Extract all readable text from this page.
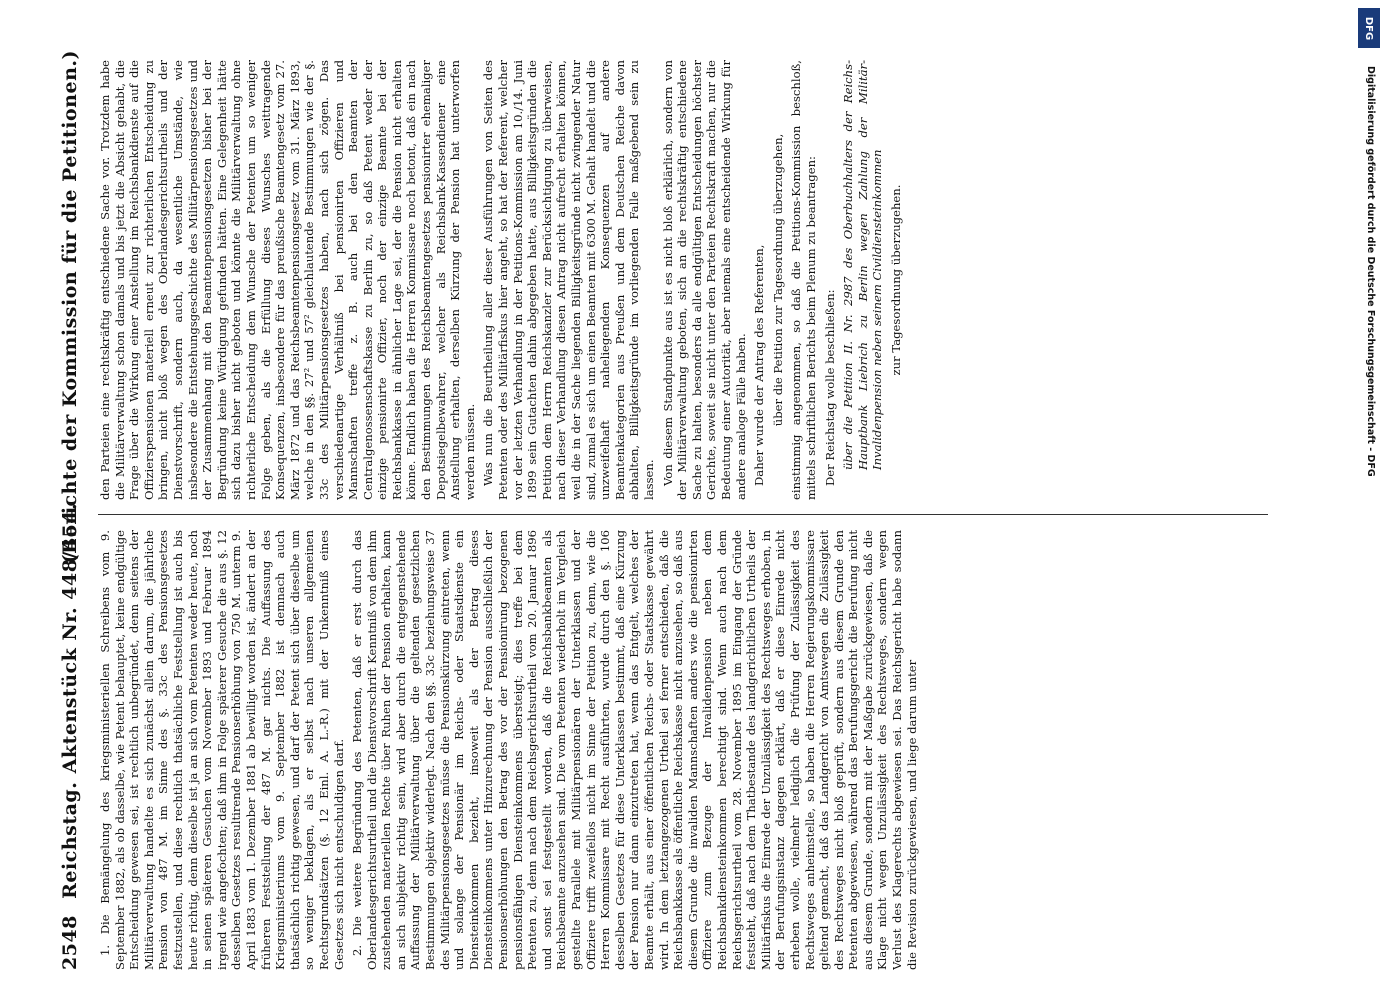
2548
Reichstag.
Aktenstück Nr. 448/454.
(Berichte der Kommission für die Petitionen.)

1. Die Bemängelung des kriegsministeriellen Schreibens vom 9. September 1882, als ob dasselbe, wie Petent behauptet, keine endgültige Entscheidung gewesen sei, ist rechtlich unbegründet, denn seitens der Militärverwaltung handelte es sich zunächst allein darum, die jährliche Pension von 487 M. im Sinne des §. 33c des Pensionsgesetzes festzustellen, und diese rechtlich thatsächliche Feststellung ist auch bis heute richtig, denn dieselbe ist ja an sich vom Petenten weder heute, noch in seinen späteren Gesuchen vom November 1893 und Februar 1894 irgend wie angefochten; daß ihm in Folge späterer Gesuche die aus §. 12 desselben Gesetzes resultirende Pensionserhöhung von 750 M. unterm 9. April 1883 vom 1. Dezember 1881 ab bewilligt worden ist, ändert an der früheren Feststellung der 487 M. gar nichts. Die Auffassung des Kriegsministeriums vom 9. September 1882 ist demnach auch thatsächlich richtig gewesen, und darf der Petent sich über dieselbe um so weniger beklagen, als er selbst nach unseren allgemeinen Rechtsgrundsätzen (§. 12 Einl. A. L.-R.) mit der Unkenntniß eines Gesetzes sich nicht entschuldigen darf. 2. Die weitere Begründung des Petenten, daß er erst durch das Oberlandesgerichtsurtheil und die Dienstvorschrift Kenntniß von dem ihm zustehenden materiellen Rechte über Ruhen der Pension erhalten, kann an sich subjektiv richtig sein, wird aber durch die entgegenstehende Auffassung der Militärverwaltung über die geltenden gesetzlichen Bestimmungen objektiv widerlegt. Nach den §§. 33c beziehungsweise 37 des Militärpensionsgesetzes müsse die Pensionskürzung eintreten, wenn und solange der Pensionär im Reichs- oder Staatsdienste ein Diensteinkommen bezieht, insoweit als der Betrag dieses Diensteinkommens unter Hinzurechnung der Pension ausschließlich der Pensionserhöhungen den Betrag des vor der Pensionirung bezogenen pensionsfähigen Diensteinkommens übersteigt; dies treffe bei dem Petenten zu, denn nach dem Reichsgerichtsurtheil vom 20. Januar 1896 und sonst sei festgestellt worden, daß die Reichsbankbeamten als Reichsbeamte anzusehen sind. Die vom Petenten wiederholt im Vergleich gestellte Parallele mit Militärpensionären der Unterklassen und der Offiziere trifft zweifellos nicht im Sinne der Petition zu, denn, wie die Herren Kommissare mit Recht ausführten, wurde durch den §. 106 desselben Gesetzes für diese Unterklassen bestimmt, daß eine Kürzung der Pension nur dann einzutreten hat, wenn das Entgelt, welches der Beamte erhält, aus einer öffentlichen Reichs- oder Staatskasse gewährt wird. In dem letztangezogenen Urtheil sei ferner entschieden, daß die Reichsbankkasse als öffentliche Reichskasse nicht anzusehen, so daß aus diesem Grunde die invaliden Mannschaften anders wie die pensionirten Offiziere zum Bezuge der Invalidenpension neben dem Reichsbankdiensteinkommen berechtigt sind. Wenn auch nach dem Reichsgerichtsurtheil vom 28. November 1895 im Eingang der Gründe feststeht, daß nach dem Thatbestande des landgerichtlichen Urtheils der Militärfiskus die Einrede der Unzulässigkeit des Rechtsweges erhoben, in der Berufungsinstanz dagegen erklärt, daß er diese Einrede nicht erheben wolle, vielmehr lediglich die Prüfung der Zulässigkeit des Rechtsweges anheimstelle, so haben die Herren Regierungskommissare geltend gemacht, daß das Landgericht von Amtswegen die Zulässigkeit des Rechtsweges nicht bloß geprüft, sondern aus diesem Grunde den Petenten abgewiesen, während das Berufungsgericht die Berufung nicht aus diesem Grunde, sondern mit der Maßgabe zurückgewiesen, daß die Klage nicht wegen Unzulässigkeit des Rechtsweges, sondern wegen Verlust des Klagerechts abgewiesen sei. Das Reichsgericht habe sodann die Revision zurückgewiesen, und liege darum unter

den Parteien eine rechtskräftig entschiedene Sache vor. Trotzdem habe die Militärverwaltung schon damals und bis jetzt die Absicht gehabt, die Frage über die Wirkung einer Anstellung im Reichsbankdienste auf die Offizierspensionen materiell erneut zur richterlichen Entscheidung zu bringen, nicht bloß wegen des Oberlandesgerichtsurtheils und der Dienstvorschrift, sondern auch, da wesentliche Umstände, wie insbesondere die Entstehungsgeschichte des Militärpensionsgesetzes und der Zusammenhang mit den Beamtenpensionsgesetzen bisher bei der Begründung keine Würdigung gefunden hätten. Eine Gelegenheit hätte sich dazu bisher nicht geboten und könnte die Militärverwaltung ohne richterliche Entscheidung dem Wunsche der Petenten um so weniger Folge geben, als die Erfüllung dieses Wunsches weittragende Konsequenzen, insbesondere für das preußische Beamtengesetz vom 27. März 1872 und das Reichsbeamtenpensionsgesetz vom 31. März 1893, welche in den §§. 27² und 57² gleichlautende Bestimmungen wie der §. 33c des Militärpensionsgesetzes haben, nach sich zögen. Das verschiedenartige Verhältniß bei pensionirten Offizieren und Mannschaften treffe z. B. auch bei den Beamten der Centralgenossenschaftskasse zu Berlin zu, so daß Petent weder der einzige pensionirte Offizier, noch der einzige Beamte bei der Reichsbankkasse in ähnlicher Lage sei, der die Pension nicht erhalten könne. Endlich haben die Herren Kommissare noch betont, daß ein nach den Bestimmungen des Reichsbeamtengesetzes pensionirter ehemaliger Depotsiegelbewahrer, welcher als Reichsbank-Kassendiener eine Anstellung erhalten, derselben Kürzung der Pension hat unterworfen werden müssen. Was nun die Beurtheilung aller dieser Ausführungen von Seiten des Petenten oder des Militärfiskus hier angeht, so hat der Referent, welcher vor der letzten Verhandlung in der Petitions-Kommission am 10./14. Juni 1899 sein Gutachten dahin abgegeben hatte, aus Billigkeitsgründen die Petition dem Herrn Reichskanzler zur Berücksichtigung zu überweisen, nach dieser Verhandlung diesen Antrag nicht aufrecht erhalten können, weil die in der Sache liegenden Billigkeitsgründe nicht zwingender Natur sind, zumal es sich um einen Beamten mit 6300 M. Gehalt handelt und die unzweifelhaft naheliegenden Konsequenzen auf andere Beamtenkategorien aus Preußen und dem Deutschen Reiche davon abhalten, Billigkeitsgründe im vorliegenden Falle maßgebend sein zu lassen. Von diesem Standpunkte aus ist es nicht bloß erklärlich, sondern von der Militärverwaltung geboten, sich an die rechtskräftig entschiedene Sache zu halten, besonders da alle endgültigen Entscheidungen höchster Gerichte, soweit sie nicht unter den Parteien Rechtskraft machen, nur die Bedeutung einer Autorität, aber niemals eine entscheidende Wirkung für andere analoge Fälle haben. Daher wurde der Antrag des Referenten, über die Petition zur Tagesordnung überzugehen, einstimmig angenommen, so daß die Petitions-Kommission beschloß, mittels schriftlichen Berichts beim Plenum zu beantragen: Der Reichstag wolle beschließen: über die Petition II. Nr. 2987 des Oberbuchhalters der Reichs-Hauptbank Liebrich zu Berlin wegen Zahlung der Militär-Invalidenpension neben seinem Civildiensteinkommen zur Tagesordnung überzugehen.

DFG
Digitalisierung gefördert durch die Deutsche Forschungsgemeinschaft - DFG
